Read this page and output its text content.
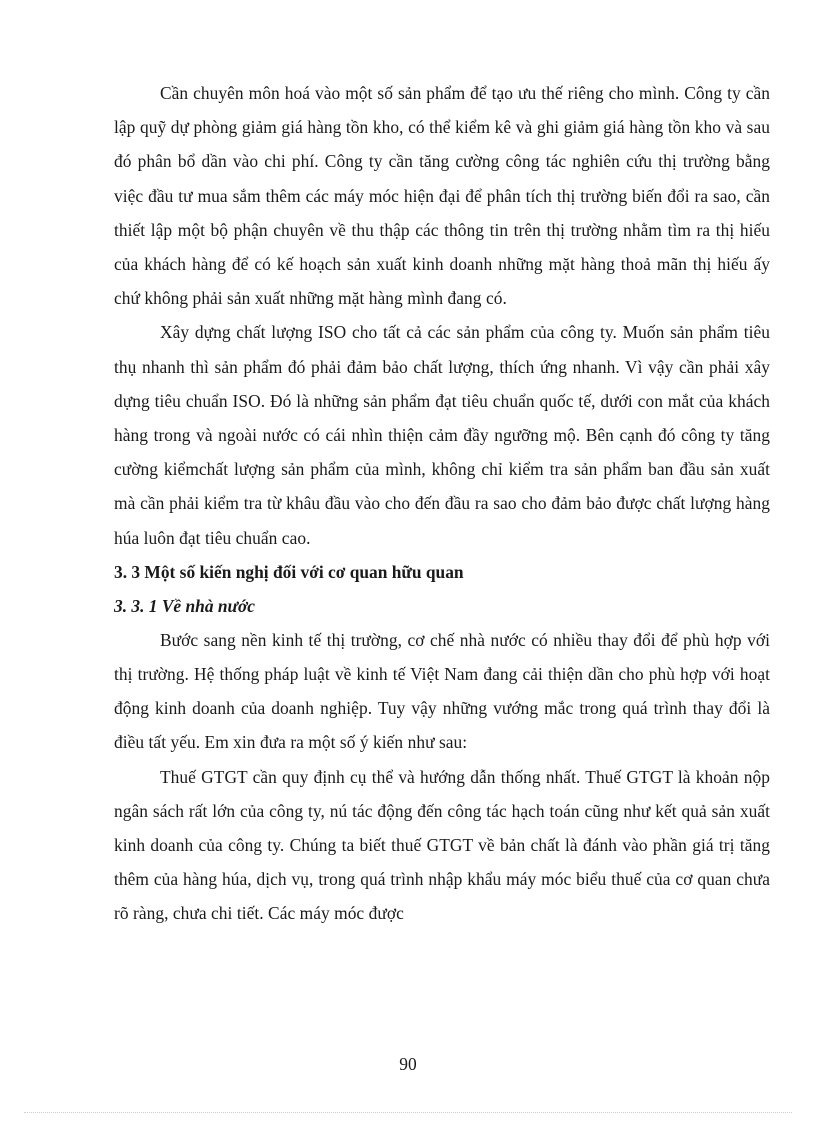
Cần chuyên môn hoá vào một số sản phẩm để tạo ưu thế riêng cho mình. Công ty cần lập quỹ dự phòng giảm giá hàng tồn kho, có thể kiểm kê và ghi giảm giá hàng tồn kho và sau đó phân bổ dần vào chi phí. Công ty cần tăng cường công tác nghiên cứu thị trường bằng việc đầu tư mua sắm thêm các máy móc hiện đại để phân tích thị trường biến đổi ra sao, cần thiết lập một bộ phận chuyên về thu thập các thông tin trên thị trường nhằm tìm ra thị hiếu của khách hàng để có kế hoạch sản xuất kinh doanh những mặt hàng thoả mãn thị hiếu ấy chứ không phải sản xuất những mặt hàng mình đang có.

Xây dựng chất lượng ISO cho tất cả các sản phẩm của công ty. Muốn sản phẩm tiêu thụ nhanh thì sản phẩm đó phải đảm bảo chất lượng, thích ứng nhanh. Vì vậy cần phải xây dựng tiêu chuẩn ISO. Đó là những sản phẩm đạt tiêu chuẩn quốc tế, dưới con mắt của khách hàng trong và ngoài nước có cái nhìn thiện cảm đầy ngưỡng mộ. Bên cạnh đó công ty tăng cường kiểmchất lượng sản phẩm của mình, không chỉ kiểm tra sản phẩm ban đầu sản xuất mà cần phải kiểm tra từ khâu đầu vào cho đến đầu ra sao cho đảm bảo được chất lượng hàng húa luôn đạt tiêu chuẩn cao.

3. 3 Một số kiến nghị đối với cơ quan hữu quan
3. 3. 1 Về nhà nước

Bước sang nền kinh tế thị trường, cơ chế nhà nước có nhiều thay đổi để phù hợp với thị trường. Hệ thống pháp luật về kinh tế Việt Nam đang cải thiện dần cho phù hợp với hoạt động kinh doanh của doanh nghiệp. Tuy vậy những vướng mắc trong quá trình thay đổi là điều tất yếu. Em xin đưa ra một số ý kiến như sau:

Thuế GTGT cần quy định cụ thể và hướng dẫn thống nhất. Thuế GTGT là khoản nộp ngân sách rất lớn của công ty, nú tác động đến công tác hạch toán cũng như kết quả sản xuất kinh doanh của công ty. Chúng ta biết thuế GTGT về bản chất là đánh vào phần giá trị tăng thêm của hàng húa, dịch vụ, trong quá trình nhập khẩu máy móc biểu thuế của cơ quan chưa rõ ràng, chưa chi tiết. Các máy móc được

90
